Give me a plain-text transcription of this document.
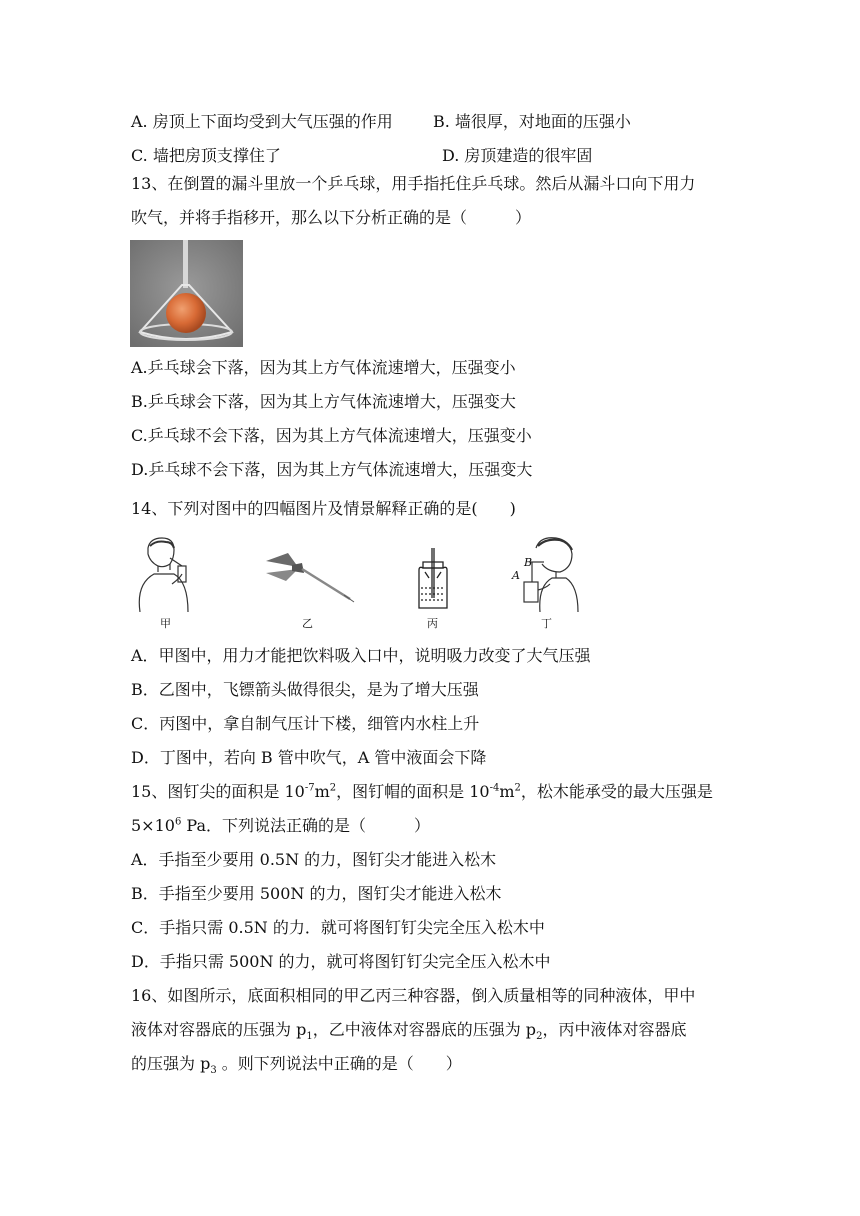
A. 房顶上下面均受到大气压强的作用	B. 墙很厚，对地面的压强小
C. 墙把房顶支撑住了	D. 房顶建造的很牢固
13、在倒置的漏斗里放一个乒乓球，用手指托住乒乓球。然后从漏斗口向下用力
吹气，并将手指移开，那么以下分析正确的是（　　　）
A.乒乓球会下落，因为其上方气体流速增大，压强变小
B.乒乓球会下落，因为其上方气体流速增大，压强变大
C.乒乓球不会下落，因为其上方气体流速增大，压强变小
D.乒乓球不会下落，因为其上方气体流速增大，压强变大
14、下列对图中的四幅图片及情景解释正确的是(　　)
B
A
甲	乙	丙	丁
A．甲图中，用力才能把饮料吸入口中，说明吸力改变了大气压强
B．乙图中，飞镖箭头做得很尖，是为了增大压强
C．丙图中，拿自制气压计下楼，细管内水柱上升
D．丁图中，若向 B 管中吹气，A 管中液面会下降
15、图钉尖的面积是 $10^{-7}m^2$，图钉帽的面积是 $10^{-4}m^2$，松木能承受的最大压强是
$5\times 10^6$ Pa．下列说法正确的是（　　　）
A．手指至少要用 0.5N 的力，图钉尖才能进入松木
B．手指至少要用 500N 的力，图钉尖才能进入松木
C．手指只需 0.5N 的力．就可将图钉钉尖完全压入松木中
D．手指只需 500N 的力，就可将图钉钉尖完全压入松木中
16、如图所示，底面积相同的甲乙丙三种容器，倒入质量相等的同种液体，甲中
液体对容器底的压强为 $p_1$，乙中液体对容器底的压强为 $p_2$，丙中液体对容器底
的压强为 $p_3$ 。则下列说法中正确的是（　　）
